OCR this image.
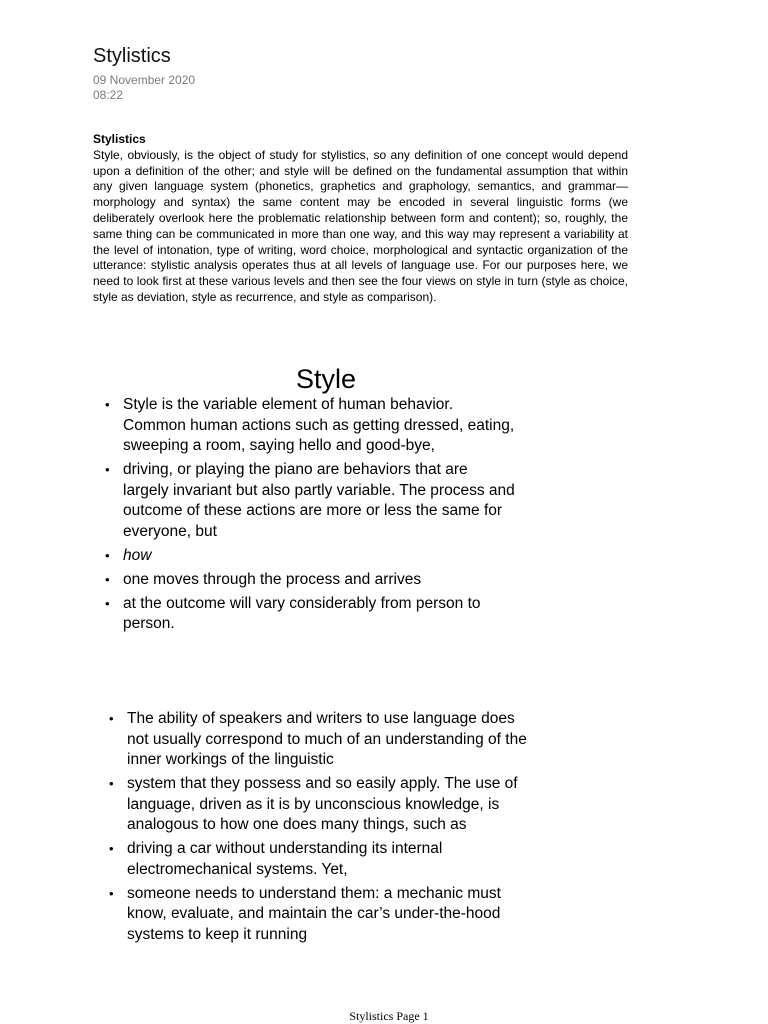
Stylistics
09 November 2020
08:22
Stylistics
Style, obviously, is the object of study for stylistics, so any definition of one concept would depend upon a definition of the other; and style will be defined on the fundamental assumption that within any given language system (phonetics, graphetics and graphology, semantics, and grammar—morphology and syntax) the same content may be encoded in several linguistic forms (we deliberately overlook here the problematic relationship between form and content); so, roughly, the same thing can be communicated in more than one way, and this way may represent a variability at the level of intonation, type of writing, word choice, morphological and syntactic organization of the utterance: stylistic analysis operates thus at all levels of language use. For our purposes here, we need to look first at these various levels and then see the four views on style in turn (style as choice, style as deviation, style as recurrence, and style as comparison).
Style
• Style is the variable element of human behavior. Common human actions such as getting dressed, eating, sweeping a room, saying hello and good-bye,
• driving, or playing the piano are behaviors that are largely invariant but also partly variable. The process and outcome of these actions are more or less the same for everyone, but
• how
• one moves through the process and arrives
• at the outcome will vary considerably from person to person.
• The ability of speakers and writers to use language does not usually correspond to much of an understanding of the inner workings of the linguistic
• system that they possess and so easily apply. The use of language, driven as it is by unconscious knowledge, is analogous to how one does many things, such as
• driving a car without understanding its internal electromechanical systems. Yet,
• someone needs to understand them: a mechanic must know, evaluate, and maintain the car’s under-the-hood systems to keep it running
Stylistics Page 1
